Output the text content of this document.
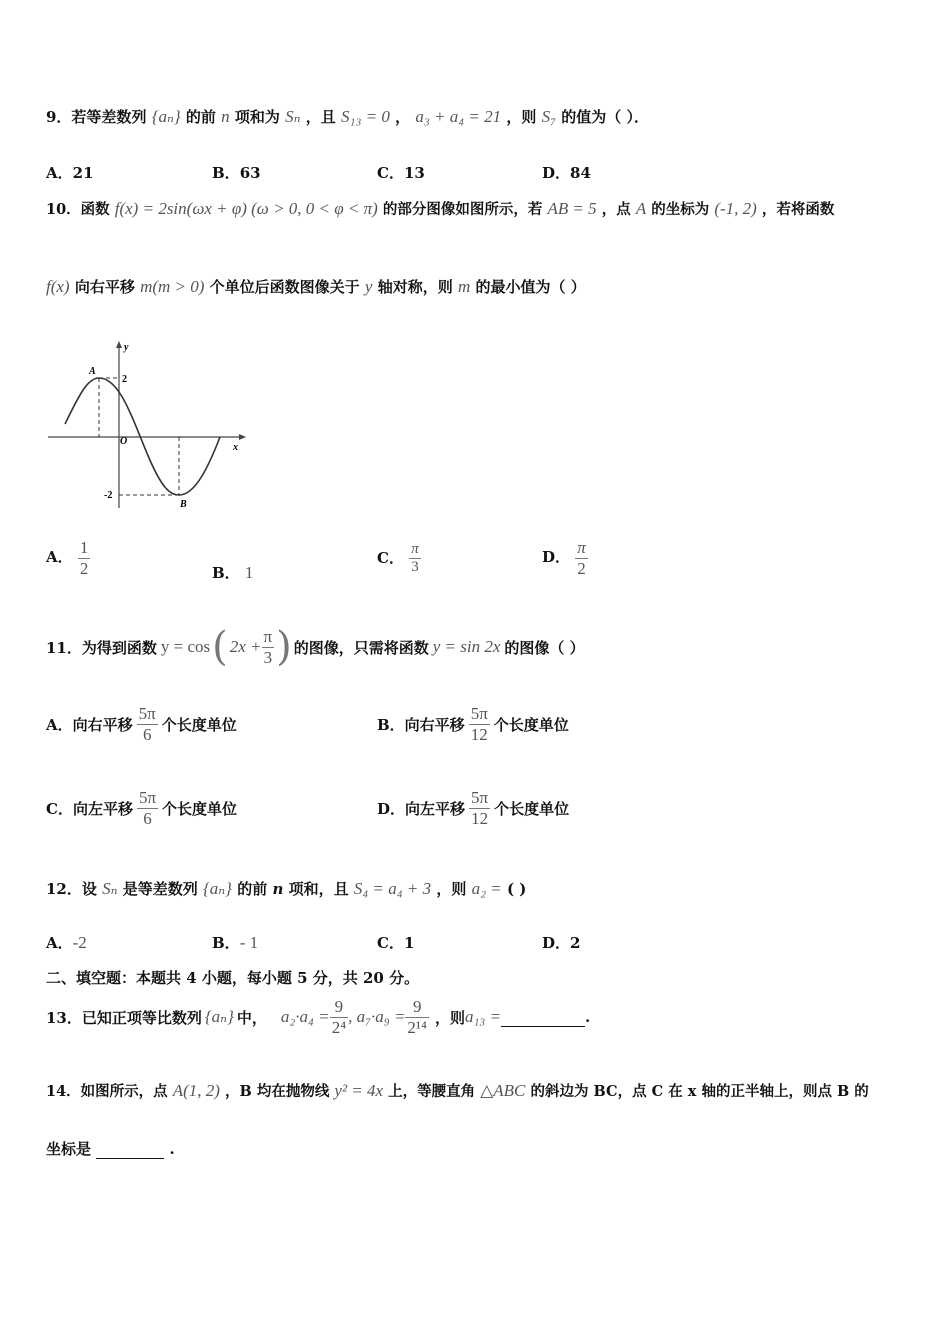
9．若等差数列 {aₙ} 的前 n 项和为 Sₙ ，且 S₁₃ = 0 ， a₃ + a₄ = 21 ，则 S₇ 的值为（ ）．
A．21	B．63	C．13	D．84
10．函数 f(x) = 2sin(ωx + φ) (ω > 0, 0 < φ < π) 的部分图像如图所示，若 AB = 5 ，点 A 的坐标为 (-1, 2) ，若将函数
f(x) 向右平移 m(m > 0) 个单位后函数图像关于 y 轴对称，则 m 的最小值为（ ）
y
x
A
B
O
2
-2
A． $\frac{1}{2}$	B． 1
C． $\frac{\pi}{3}$	D． $\frac{\pi}{2}$
11．为得到函数 y = cos ( $2x + \frac{\pi}{3}$ ) 的图像，只需将函数 y = sin 2x 的图像（ ）
A．向右平移 $\frac{5\pi}{6}$ 个长度单位	B．向右平移 $\frac{5\pi}{12}$ 个长度单位
C．向左平移 $\frac{5\pi}{6}$ 个长度单位	D．向左平移 $\frac{5\pi}{12}$ 个长度单位
12．设 Sₙ 是等差数列 {aₙ} 的前 n 项和，且 S₄ = a₄ + 3 ，则 a₂ = ( )
A．-2	B．- 1	C．1	D．2
二、填空题：本题共 4 小题，每小题 5 分，共 20 分。
13．已知正项等比数列 {aₙ} 中， $a_2\cdot a_4 = \frac{9}{\text{2⁴}}$ , $a_7\cdot a_9 = \frac{9}{\text{2¹⁴}}$ ，则 a₁₃ =
	.
14．如图所示，点 A(1, 2) ，B 均在抛物线 y² = 4x 上，等腰直角 △ABC 的斜边为 BC，点 C 在 x 轴的正半轴上，则点 B 的
坐标是	.
